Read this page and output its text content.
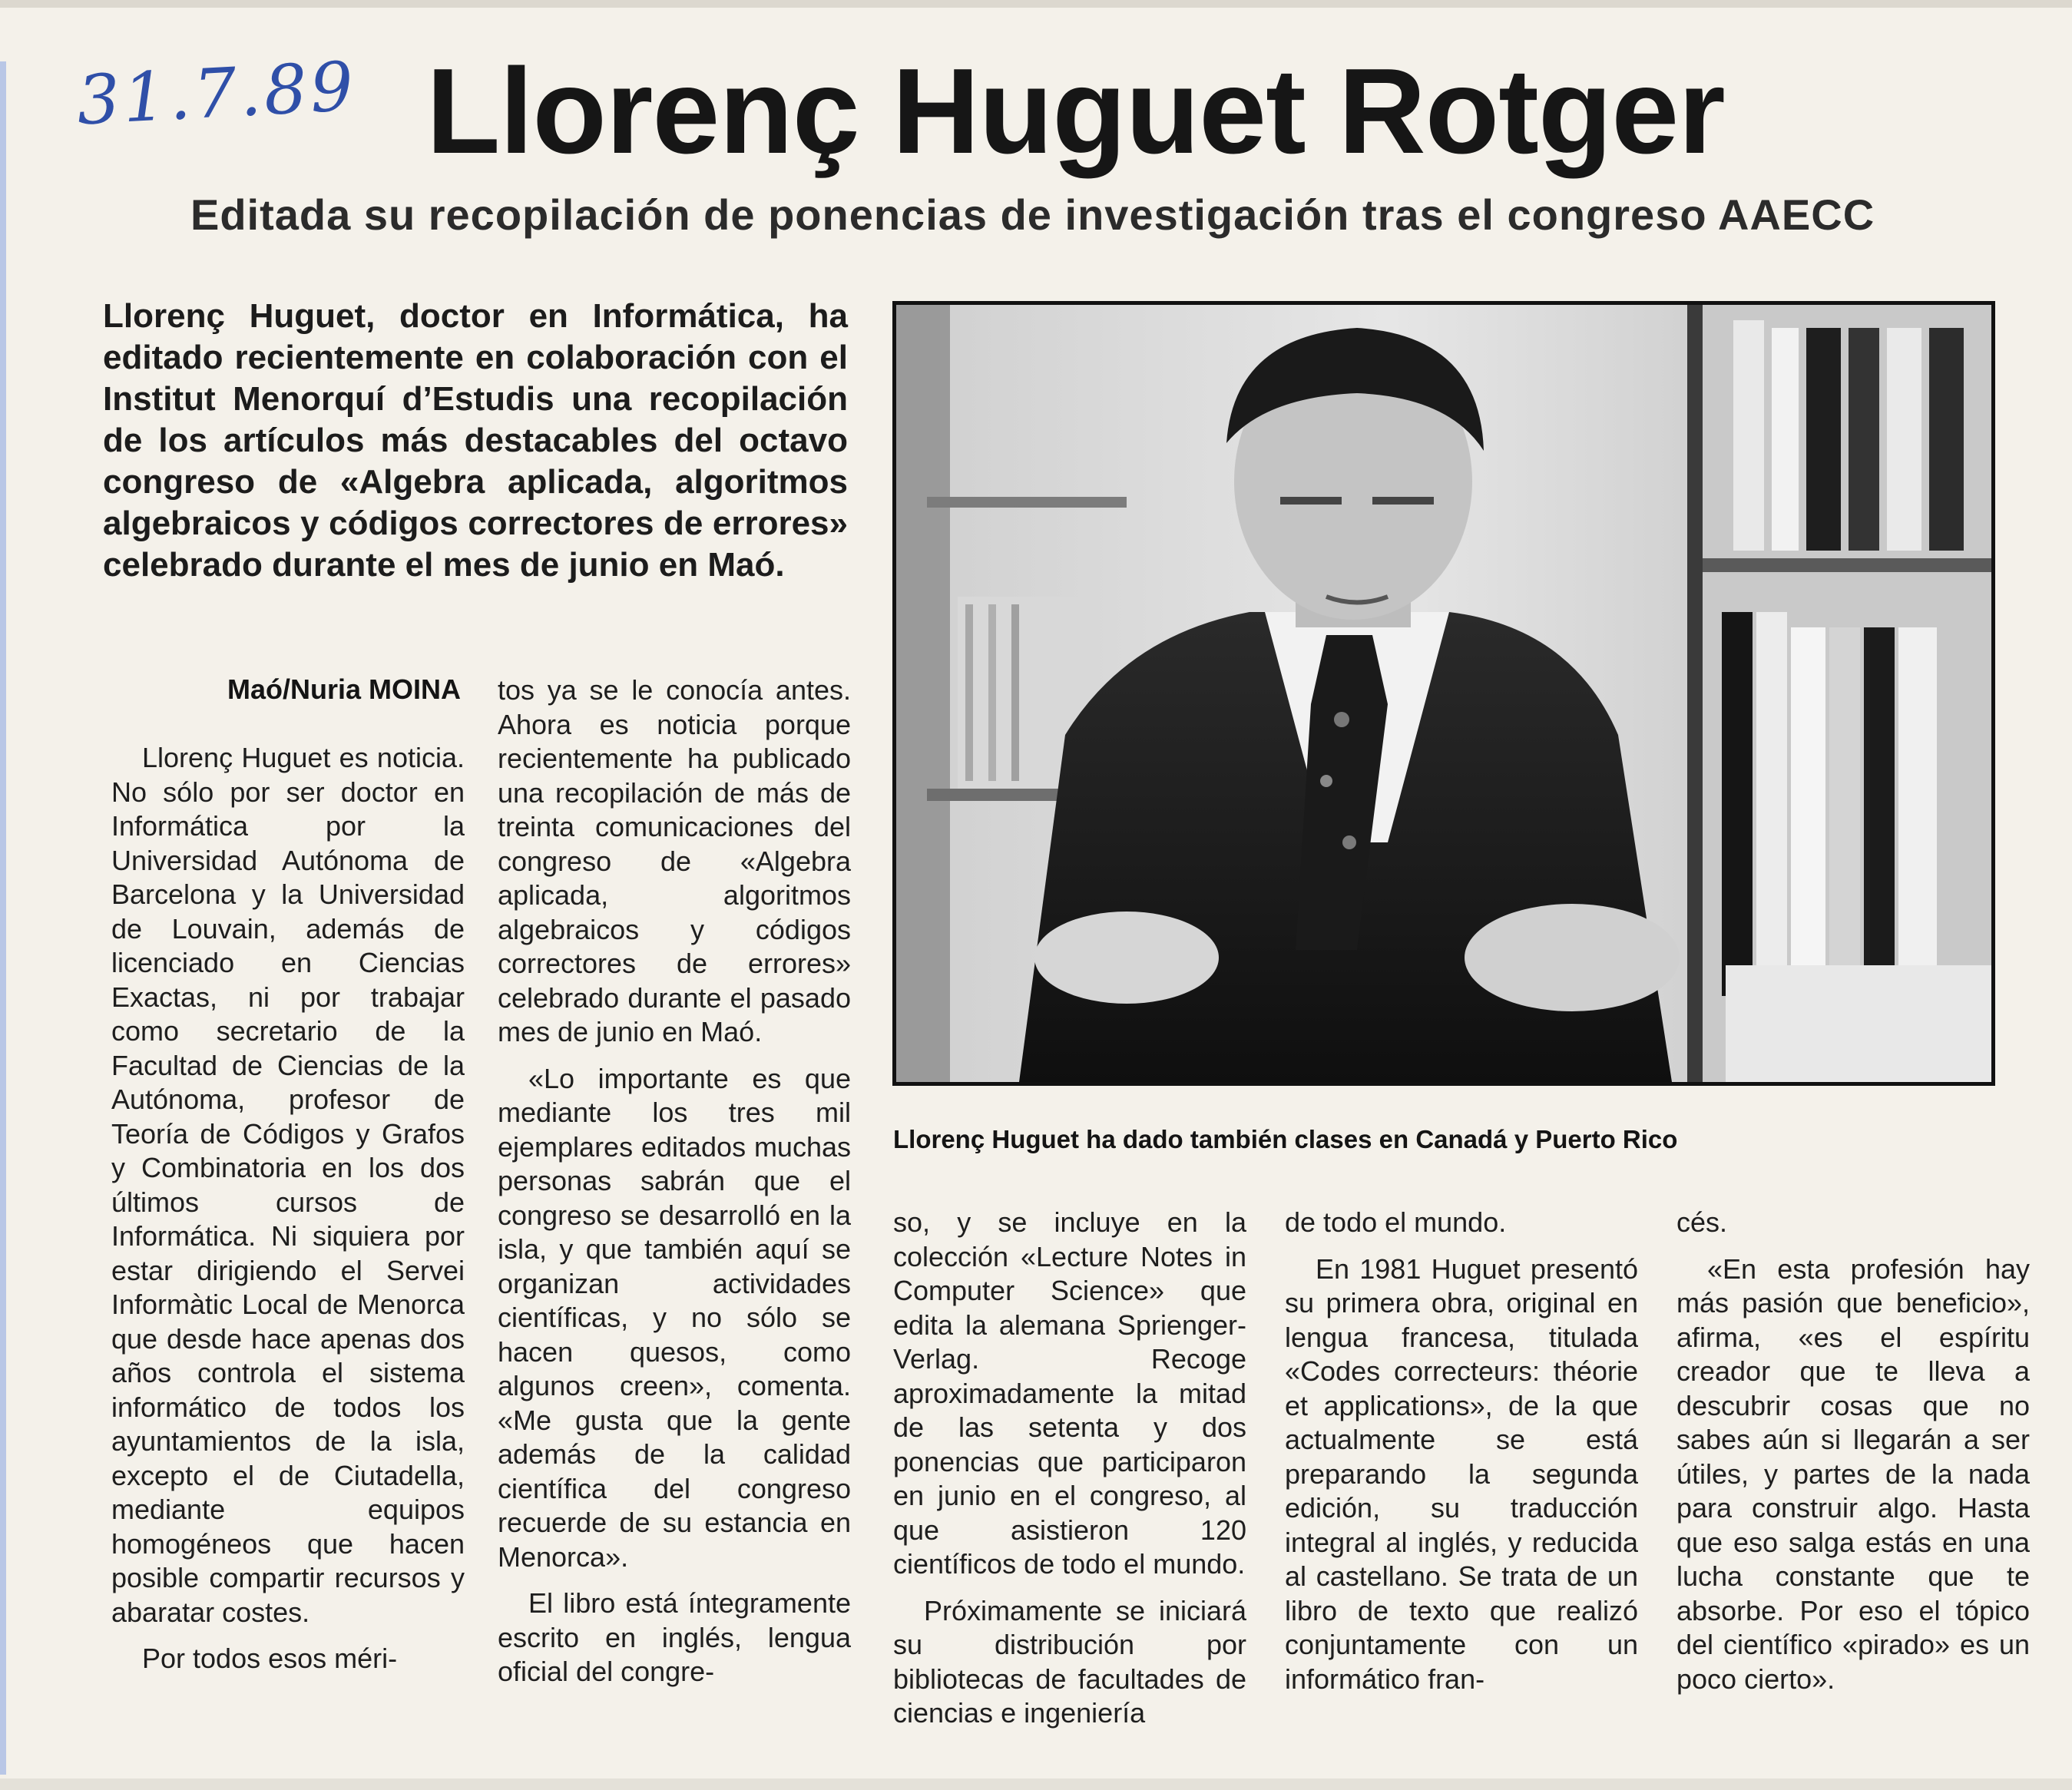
31.7.89 Llorenç Huguet Rotger
Editada su recopilación de ponencias de investigación tras el congreso AAECC
Llorenç Huguet, doctor en Informática, ha editado recientemente en colaboración con el Institut Menorquí d’Estudis una recopilación de los artículos más destacables del octavo congreso de «Algebra aplicada, algoritmos algebraicos y códigos correctores de errores» celebrado durante el mes de junio en Maó.
Llorenç Huguet ha dado también clases en Canadá y Puerto Rico
Maó/Nuria MOINA

Llorenç Huguet es noticia. No sólo por ser doctor en Informática por la Universidad Autónoma de Barcelona y la Universidad de Louvain, además de licenciado en Ciencias Exactas, ni por trabajar como secretario de la Facultad de Ciencias de la Autónoma, profesor de Teoría de Códigos y Grafos y Combinatoria en los dos últimos cursos de Informática. Ni siquiera por estar dirigiendo el Servei Informàtic Local de Menorca que desde hace apenas dos años controla el sistema informático de todos los ayuntamientos de la isla, excepto el de Ciutadella, mediante equipos homogéneos que hacen posible compartir recursos y abaratar costes.

Por todos esos méri-

tos ya se le conocía antes. Ahora es noticia porque recientemente ha publicado una recopilación de más de treinta comunicaciones del congreso de «Algebra aplicada, algoritmos algebraicos y códigos correctores de errores» celebrado durante el pasado mes de junio en Maó.

«Lo importante es que mediante los tres mil ejemplares editados muchas personas sabrán que el congreso se desarrolló en la isla, y que también aquí se organizan actividades científicas, y no sólo se hacen quesos, como algunos creen», comenta. «Me gusta que la gente además de la calidad científica del congreso recuerde de su estancia en Menorca».

El libro está íntegramente escrito en inglés, lengua oficial del congre-

so, y se incluye en la colección «Lecture Notes in Computer Science» que edita la alemana Sprienger-Verlag. Recoge aproximadamente la mitad de las setenta y dos ponencias que participaron en junio en el congreso, al que asistieron 120 científicos de todo el mundo.

Próximamente se iniciará su distribución por bibliotecas de facultades de ciencias e ingeniería

de todo el mundo.

En 1981 Huguet presentó su primera obra, original en lengua francesa, titulada «Codes correcteurs: théorie et applications», de la que actualmente se está preparando la segunda edición, su traducción integral al inglés, y reducida al castellano. Se trata de un libro de texto que realizó conjuntamente con un informático fran-

cés.

«En esta profesión hay más pasión que beneficio», afirma, «es el espíritu creador que te lleva a descubrir cosas que no sabes aún si llegarán a ser útiles, y partes de la nada para construir algo. Hasta que eso salga estás en una lucha constante que te absorbe. Por eso el tópico del científico «pirado» es un poco cierto».
